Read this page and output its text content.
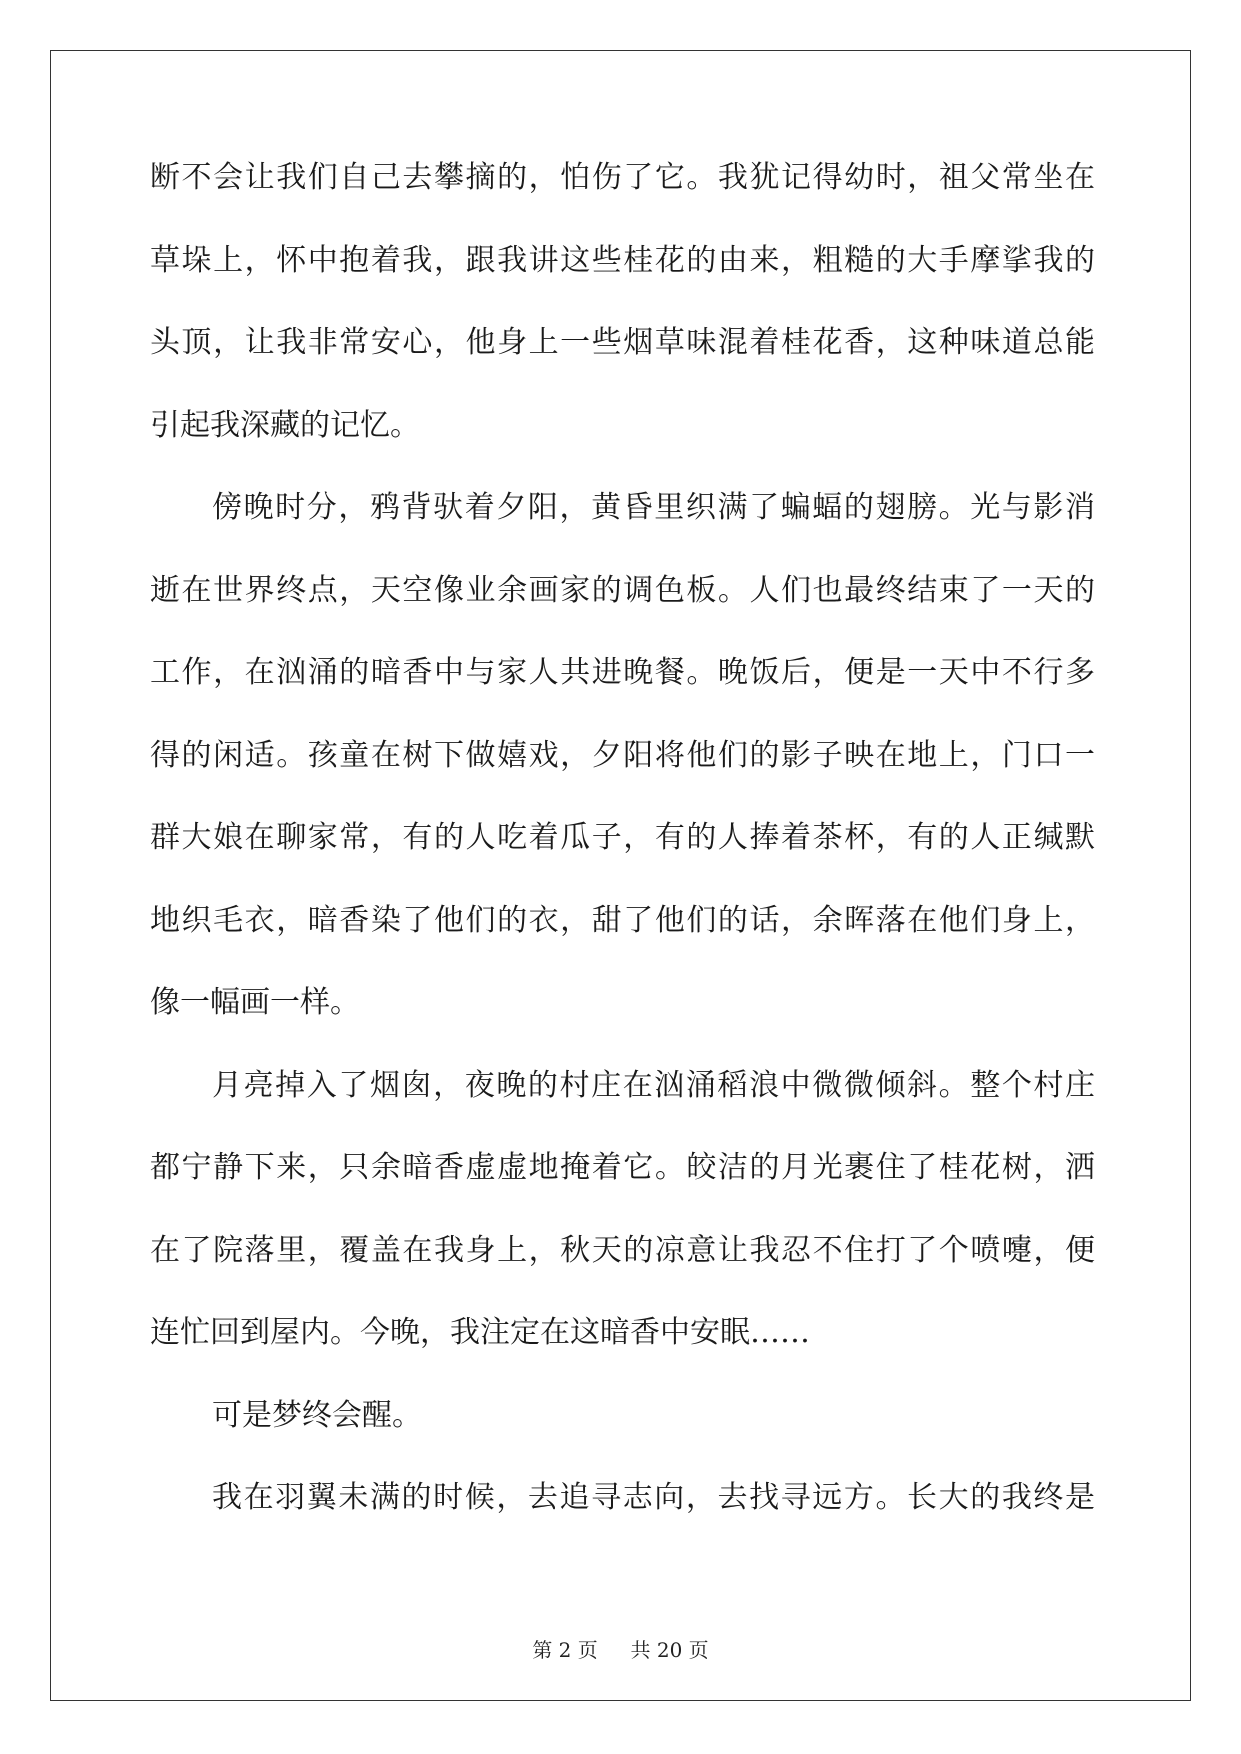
断不会让我们自己去攀摘的，怕伤了它。我犹记得幼时，祖父常坐在
草垛上，怀中抱着我，跟我讲这些桂花的由来，粗糙的大手摩挲我的
头顶，让我非常安心，他身上一些烟草味混着桂花香，这种味道总能
引起我深藏的记忆。
傍晚时分，鸦背驮着夕阳，黄昏里织满了蝙蝠的翅膀。光与影消
逝在世界终点，天空像业余画家的调色板。人们也最终结束了一天的
工作，在汹涌的暗香中与家人共进晚餐。晚饭后，便是一天中不行多
得的闲适。孩童在树下做嬉戏，夕阳将他们的影子映在地上，门口一
群大娘在聊家常，有的人吃着瓜子，有的人捧着茶杯，有的人正缄默
地织毛衣，暗香染了他们的衣，甜了他们的话，余晖落在他们身上，
像一幅画一样。
月亮掉入了烟囱，夜晚的村庄在汹涌稻浪中微微倾斜。整个村庄
都宁静下来，只余暗香虚虚地掩着它。皎洁的月光裹住了桂花树，洒
在了院落里，覆盖在我身上，秋天的凉意让我忍不住打了个喷嚏，便
连忙回到屋内。今晚，我注定在这暗香中安眠……
可是梦终会醒。
我在羽翼未满的时候，去追寻志向，去找寻远方。长大的我终是
第 2 页 共 20 页
